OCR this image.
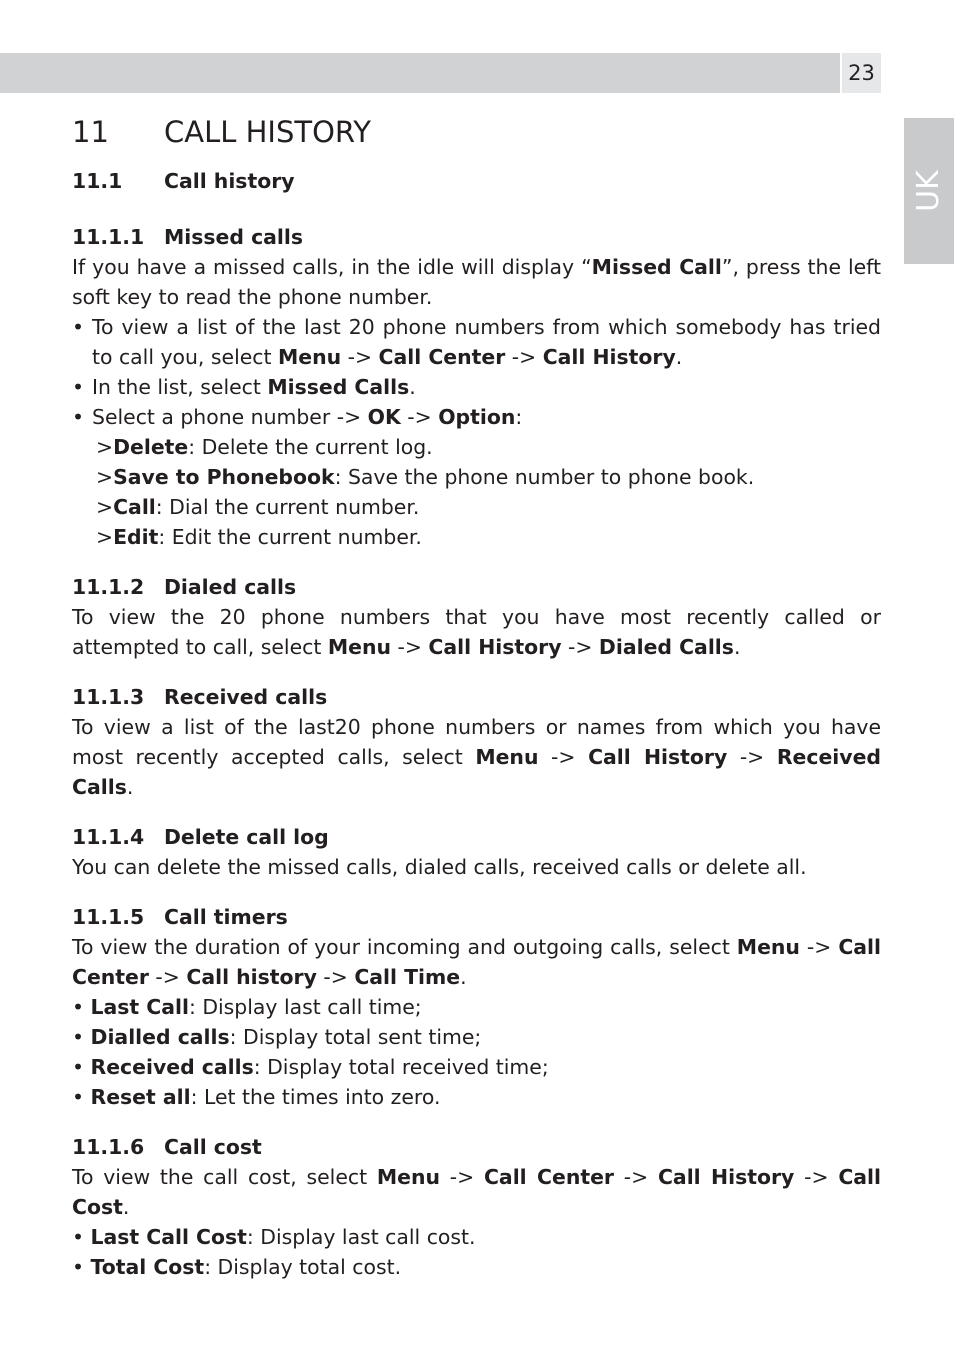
23
UK
11 CALL HISTORY
11.1 Call history
11.1.1 Missed calls

If you have a missed calls, in the idle will display “Missed Call”, press the left soft key to read the phone number.

• To view a list of the last 20 phone numbers from which somebody has tried to call you, select Menu -> Call Center -> Call History.

• In the list, select Missed Calls.

• Select a phone number -> OK -> Option:

>Delete: Delete the current log.

>Save to Phonebook: Save the phone number to phone book.

>Call: Dial the current number.

>Edit: Edit the current number.

11.1.2 Dialed calls

To view the 20 phone numbers that you have most recently called or attempted to call, select Menu -> Call History -> Dialed Calls.

11.1.3 Received calls

To view a list of the last20 phone numbers or names from which you have most recently accepted calls, select Menu -> Call History -> Received Calls.

11.1.4 Delete call log

You can delete the missed calls, dialed calls, received calls or delete all.

11.1.5 Call timers

To view the duration of your incoming and outgoing calls, select Menu -> Call Center -> Call history -> Call Time.

• Last Call: Display last call time;

• Dialled calls: Display total sent time;

• Received calls: Display total received time;

• Reset all: Let the times into zero.

11.1.6 Call cost

To view the call cost, select Menu -> Call Center -> Call History -> Call Cost.

• Last Call Cost: Display last call cost.

• Total Cost: Display total cost.
